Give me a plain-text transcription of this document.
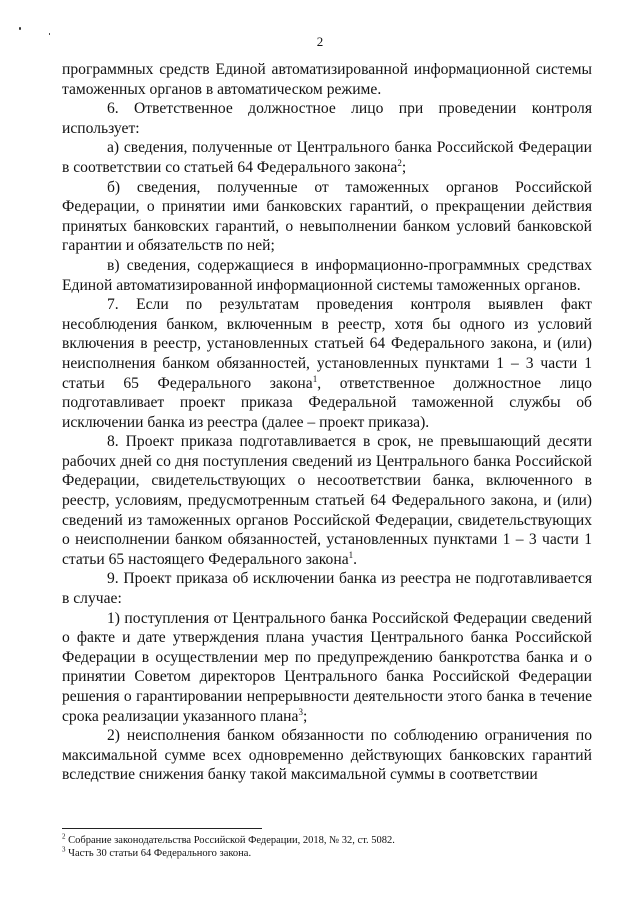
2

программных средств Единой автоматизированной информационной системы таможенных органов в автоматическом режиме.

6. Ответственное должностное лицо при проведении контроля использует:

а) сведения, полученные от Центрального банка Российской Федерации в соответствии со статьей 64 Федерального закона$^2$;

б) сведения, полученные от таможенных органов Российской Федерации, о принятии ими банковских гарантий, о прекращении действия принятых банковских гарантий, о невыполнении банком условий банковской гарантии и обязательств по ней;

в) сведения, содержащиеся в информационно-программных средствах Единой автоматизированной информационной системы таможенных органов.

7. Если по результатам проведения контроля выявлен факт несоблюдения банком, включенным в реестр, хотя бы одного из условий включения в реестр, установленных статьей 64 Федерального закона, и (или) неисполнения банком обязанностей, установленных пунктами 1 – 3 части 1 статьи 65 Федерального закона$^1$, ответственное должностное лицо подготавливает проект приказа Федеральной таможенной службы об исключении банка из реестра (далее – проект приказа).

8. Проект приказа подготавливается в срок, не превышающий десяти рабочих дней со дня поступления сведений из Центрального банка Российской Федерации, свидетельствующих о несоответствии банка, включенного в реестр, условиям, предусмотренным статьей 64 Федерального закона, и (или) сведений из таможенных органов Российской Федерации, свидетельствующих о неисполнении банком обязанностей, установленных пунктами 1 – 3 части 1 статьи 65 настоящего Федерального закона$^1$.

9. Проект приказа об исключении банка из реестра не подготавливается в случае:

1) поступления от Центрального банка Российской Федерации сведений о факте и дате утверждения плана участия Центрального банка Российской Федерации в осуществлении мер по предупреждению банкротства банка и о принятии Советом директоров Центрального банка Российской Федерации решения о гарантировании непрерывности деятельности этого банка в течение срока реализации указанного плана$^3$;

2) неисполнения банком обязанности по соблюдению ограничения по максимальной сумме всех одновременно действующих банковских гарантий вследствие снижения банку такой максимальной суммы в соответствии

$^2$ Собрание законодательства Российской Федерации, 2018, № 32, ст. 5082.
$^3$ Часть 30 статьи 64 Федерального закона.
